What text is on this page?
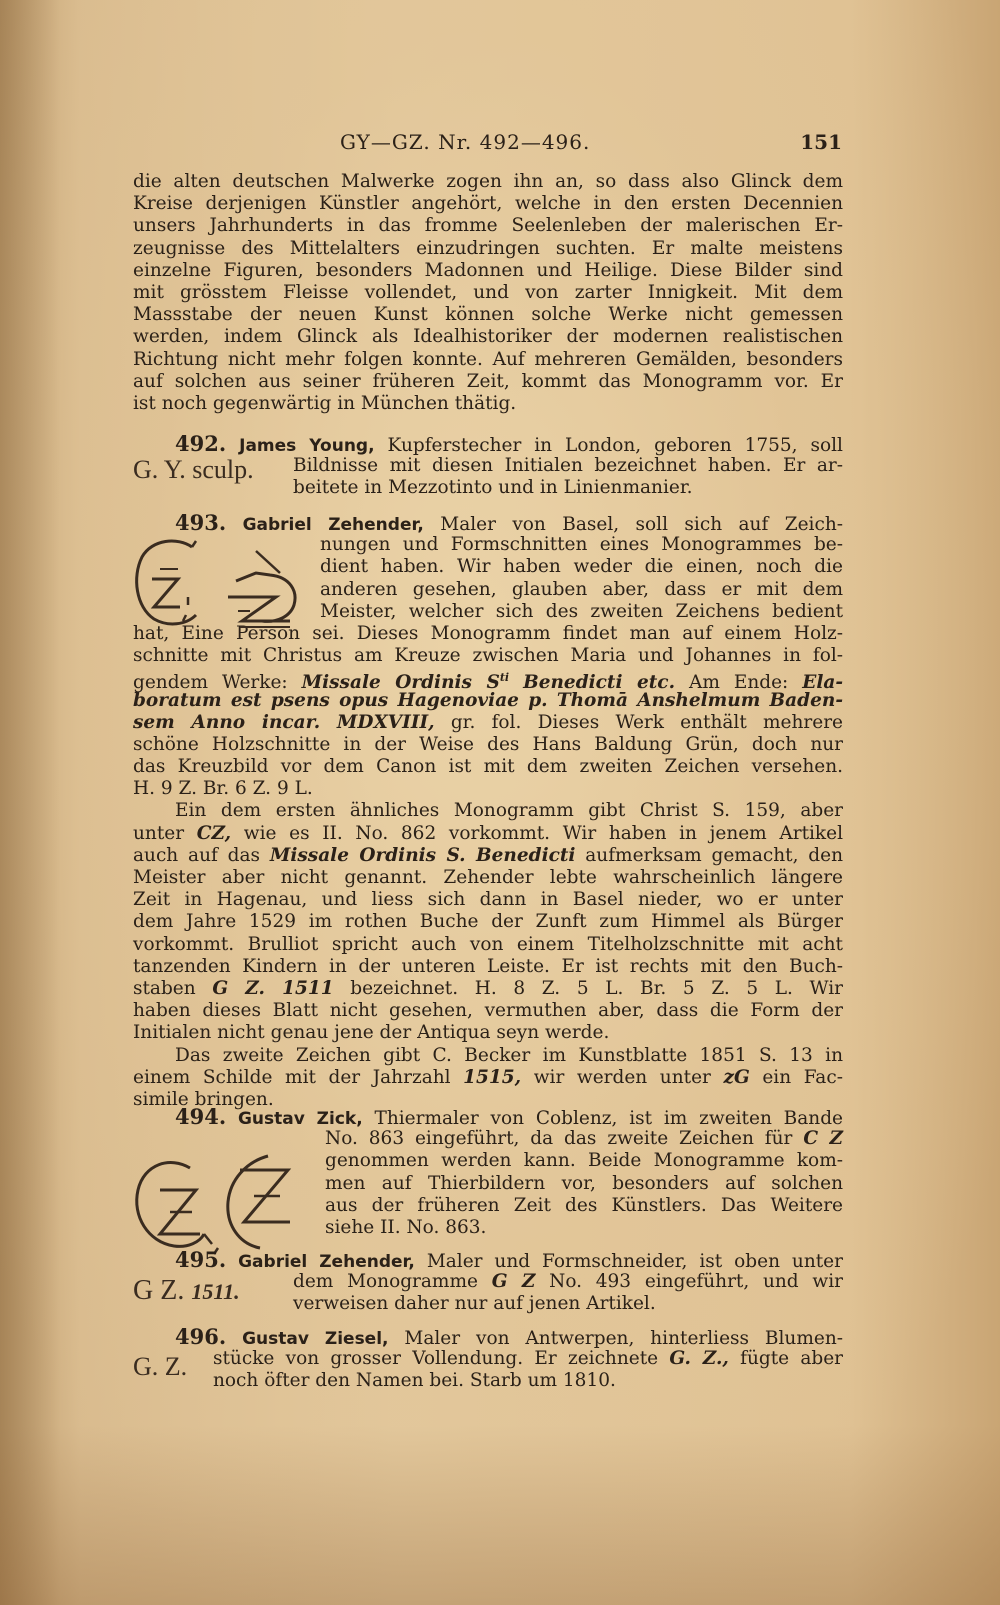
GY—GZ. Nr. 492—496.	151
die alten deutschen Malwerke zogen ihn an, so dass also Glinck dem
Kreise derjenigen Künstler angehört, welche in den ersten Decennien
unsers Jahrhunderts in das fromme Seelenleben der malerischen Er-
zeugnisse des Mittelalters einzudringen suchten. Er malte meistens
einzelne Figuren, besonders Madonnen und Heilige. Diese Bilder sind
mit grösstem Fleisse vollendet, und von zarter Innigkeit. Mit dem
Massstabe der neuen Kunst können solche Werke nicht gemessen
werden, indem Glinck als Idealhistoriker der modernen realistischen
Richtung nicht mehr folgen konnte. Auf mehreren Gemälden, besonders
auf solchen aus seiner früheren Zeit, kommt das Monogramm vor. Er
ist noch gegenwärtig in München thätig.
492. James Young, Kupferstecher in London, geboren 1755, soll
Bildnisse mit diesen Initialen bezeichnet haben. Er ar-
beitete in Mezzotinto und in Linienmanier.
G. Y. sculp.
493. Gabriel Zehender, Maler von Basel, soll sich auf Zeich-
nungen und Formschnitten eines Monogrammes be-
dient haben. Wir haben weder die einen, noch die
anderen gesehen, glauben aber, dass er mit dem
Meister, welcher sich des zweiten Zeichens bedient
hat, Eine Person sei. Dieses Monogramm findet man auf einem Holz-
schnitte mit Christus am Kreuze zwischen Maria und Johannes in fol-
gendem Werke: Missale Ordinis $S^{ti}$ Benedicti etc. Am Ende: Ela-
boratum est psens opus Hagenoviae p. Thomā Anshelmum Baden-
sem Anno incar. MDXVIII, gr. fol. Dieses Werk enthält mehrere
schöne Holzschnitte in der Weise des Hans Baldung Grün, doch nur
das Kreuzbild vor dem Canon ist mit dem zweiten Zeichen versehen.
H. 9 Z. Br. 6 Z. 9 L.
Ein dem ersten ähnliches Monogramm gibt Christ S. 159, aber
unter CZ, wie es II. No. 862 vorkommt. Wir haben in jenem Artikel
auch auf das Missale Ordinis S. Benedicti aufmerksam gemacht, den
Meister aber nicht genannt. Zehender lebte wahrscheinlich längere
Zeit in Hagenau, und liess sich dann in Basel nieder, wo er unter
dem Jahre 1529 im rothen Buche der Zunft zum Himmel als Bürger
vorkommt. Brulliot spricht auch von einem Titelholzschnitte mit acht
tanzenden Kindern in der unteren Leiste. Er ist rechts mit den Buch-
staben G Z. 1511 bezeichnet. H. 8 Z. 5 L. Br. 5 Z. 5 L. Wir
haben dieses Blatt nicht gesehen, vermuthen aber, dass die Form der
Initialen nicht genau jene der Antiqua seyn werde.
Das zweite Zeichen gibt C. Becker im Kunstblatte 1851 S. 13 in
einem Schilde mit der Jahrzahl 1515, wir werden unter zG ein Fac-
simile bringen.
494. Gustav Zick, Thiermaler von Coblenz, ist im zweiten Bande
No. 863 eingeführt, da das zweite Zeichen für C Z
genommen werden kann. Beide Monogramme kom-
men auf Thierbildern vor, besonders auf solchen
aus der früheren Zeit des Künstlers. Das Weitere
siehe II. No. 863.
495. Gabriel Zehender, Maler und Formschneider, ist oben unter
dem Monogramme G Z No. 493 eingeführt, und wir
verweisen daher nur auf jenen Artikel.
G Z. 1511.
496. Gustav Ziesel, Maler von Antwerpen, hinterliess Blumen-
stücke von grosser Vollendung. Er zeichnete G. Z., fügte aber
noch öfter den Namen bei. Starb um 1810.
G. Z.
